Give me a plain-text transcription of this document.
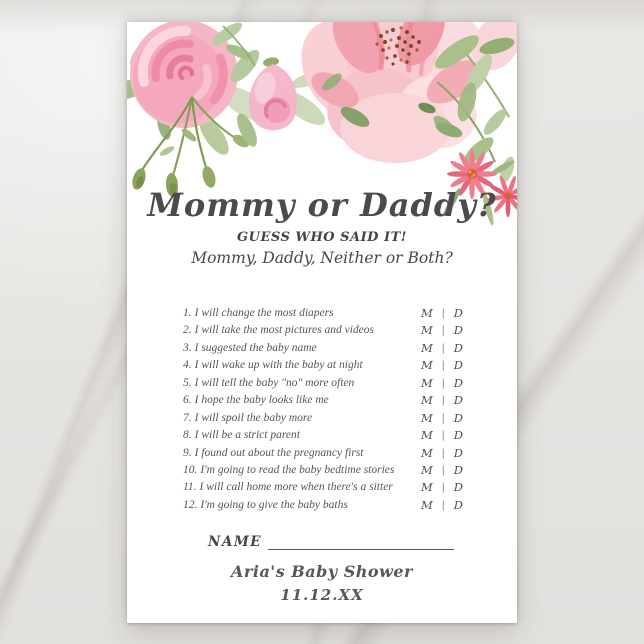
Mommy or Daddy?
GUESS WHO SAID IT!
Mommy, Daddy, Neither or Both?
1. I will change the most diapers	M | D
2. I will take the most pictures and videos	M | D
3. I suggested the baby name	M | D
4. I will wake up with the baby at night	M | D
5. I will tell the baby "no" more often	M | D
6. I hope the baby looks like me	M | D
7. I will spoil the baby more	M | D
8. I will be a strict parent	M | D
9. I found out about the pregnancy first	M | D
10. I'm going to read the baby bedtime stories M | D
11. I will call home more when there's a sitter M | D
12. I'm going to give the baby baths	M | D
NAME
Aria's Baby Shower
11.12.XX
